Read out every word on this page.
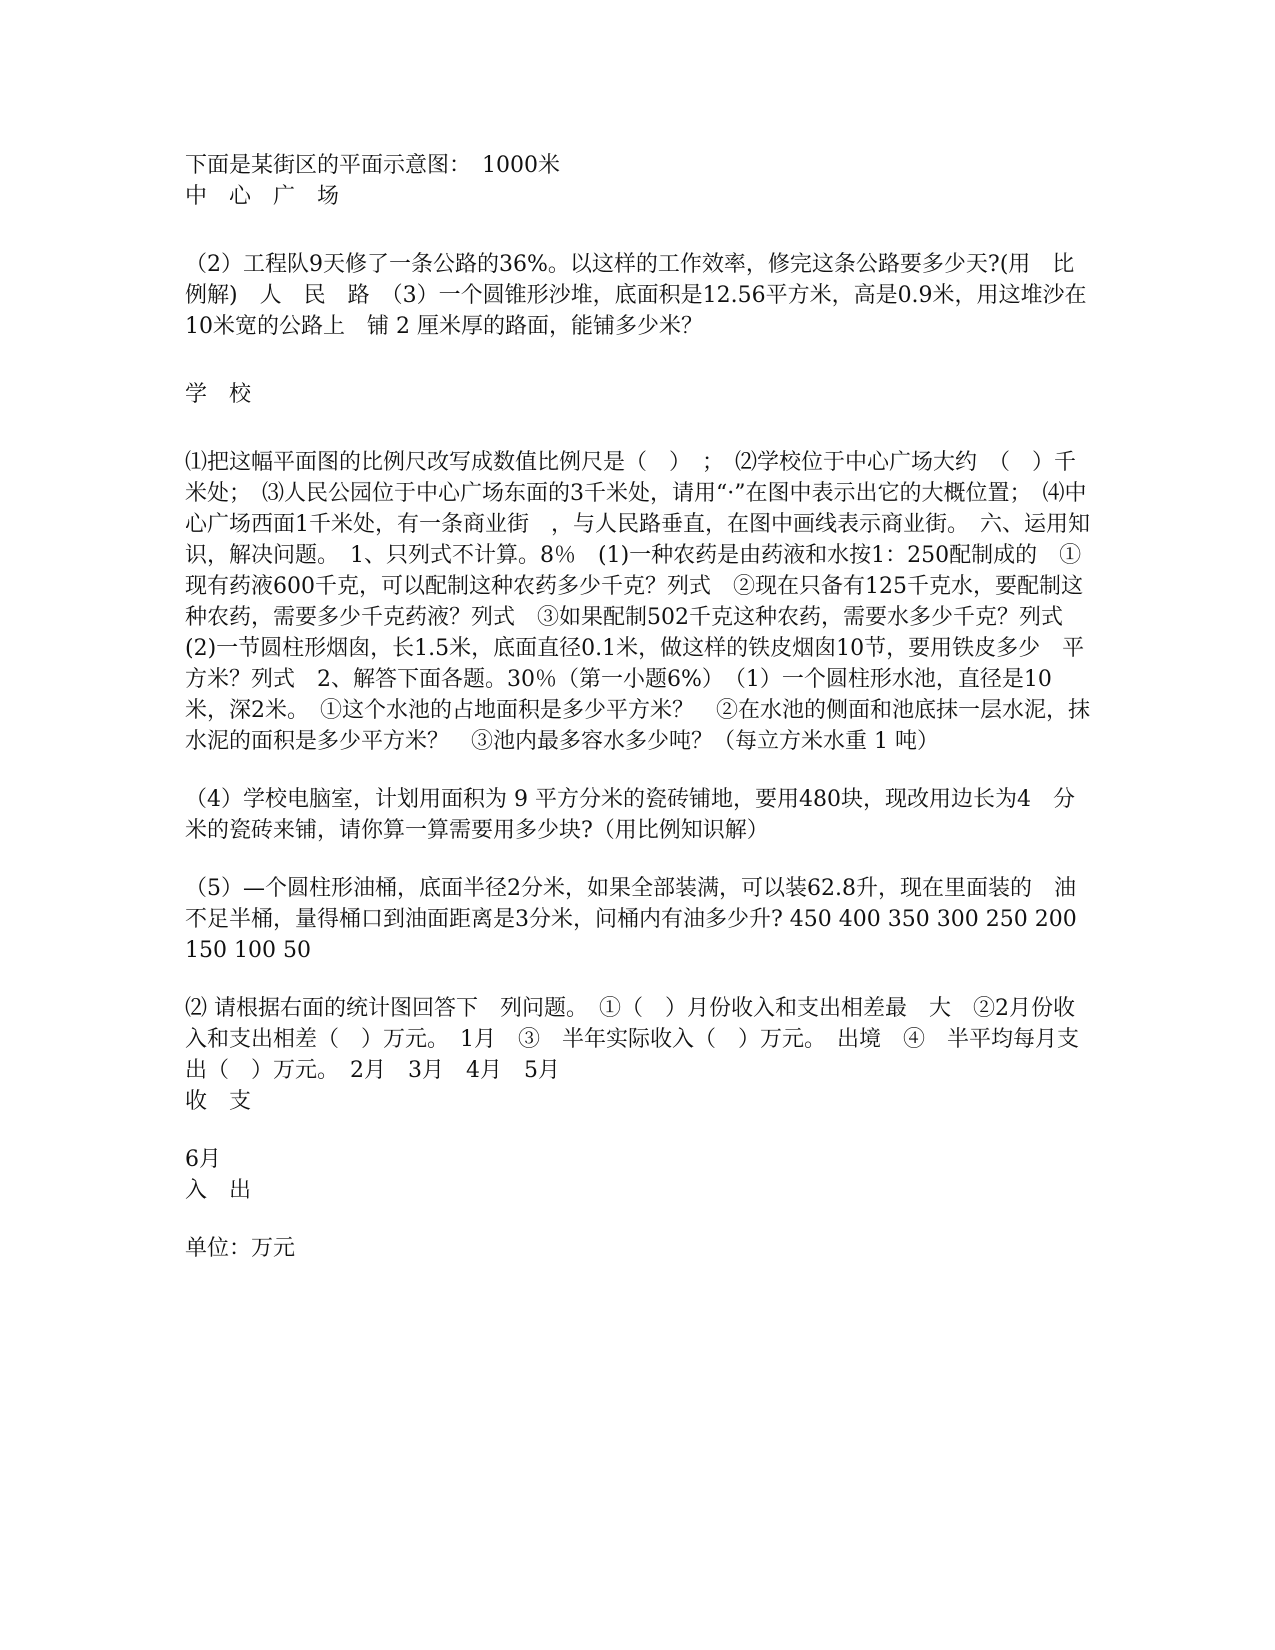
下面是某街区的平面示意图：　1000米
中　心　广　场
（2）工程队9天修了一条公路的36%。以这样的工作效率，修完这条公路要多少天?(用　比例解)　人　民　路　（3）一个圆锥形沙堆，底面积是12.56平方米，高是0.9米，用这堆沙在10米宽的公路上　铺 2 厘米厚的路面，能铺多少米？
学　校
⑴把这幅平面图的比例尺改写成数值比例尺是（　）　；　⑵学校位于中心广场大约　（　）千米处；　⑶人民公园位于中心广场东面的3千米处，请用“·”在图中表示出它的大概位置；　⑷中心广场西面1千米处，有一条商业街　，与人民路垂直，在图中画线表示商业街。　六、运用知识，解决问题。　1、只列式不计算。8％　(1)一种农药是由药液和水按1：250配制成的　①现有药液600千克，可以配制这种农药多少千克？列式　②现在只备有125千克水，要配制这种农药，需要多少千克药液？列式　③如果配制502千克这种农药，需要水多少千克？列式　(2)一节圆柱形烟囱，长1.5米，底面直径0.1米，做这样的铁皮烟囱10节，要用铁皮多少　平方米？列式　2、解答下面各题。30％（第一小题6%）　（1）一个圆柱形水池，直径是10米，深2米。　①这个水池的占地面积是多少平方米？　②在水池的侧面和池底抹一层水泥，抹水泥的面积是多少平方米？　③池内最多容水多少吨？（每立方米水重 1 吨）
（4）学校电脑室，计划用面积为 9 平方分米的瓷砖铺地，要用480块，现改用边长为4　分米的瓷砖来铺，请你算一算需要用多少块?（用比例知识解）
（5）—个圆柱形油桶，底面半径2分米，如果全部装满，可以装62.8升，现在里面装的　油不足半桶，量得桶口到油面距离是3分米，问桶内有油多少升? 450 400 350 300 250 200 150 100 50
⑵ 请根据右面的统计图回答下　列问题。　①（　）月份收入和支出相差最　大　②2月份收入和支出相差（　）万元。　1月　③　半年实际收入（　）万元。　出境　④　半平均每月支出（　）万元。　2月　3月　4月　5月
收　支
6月
入　出
单位：万元
